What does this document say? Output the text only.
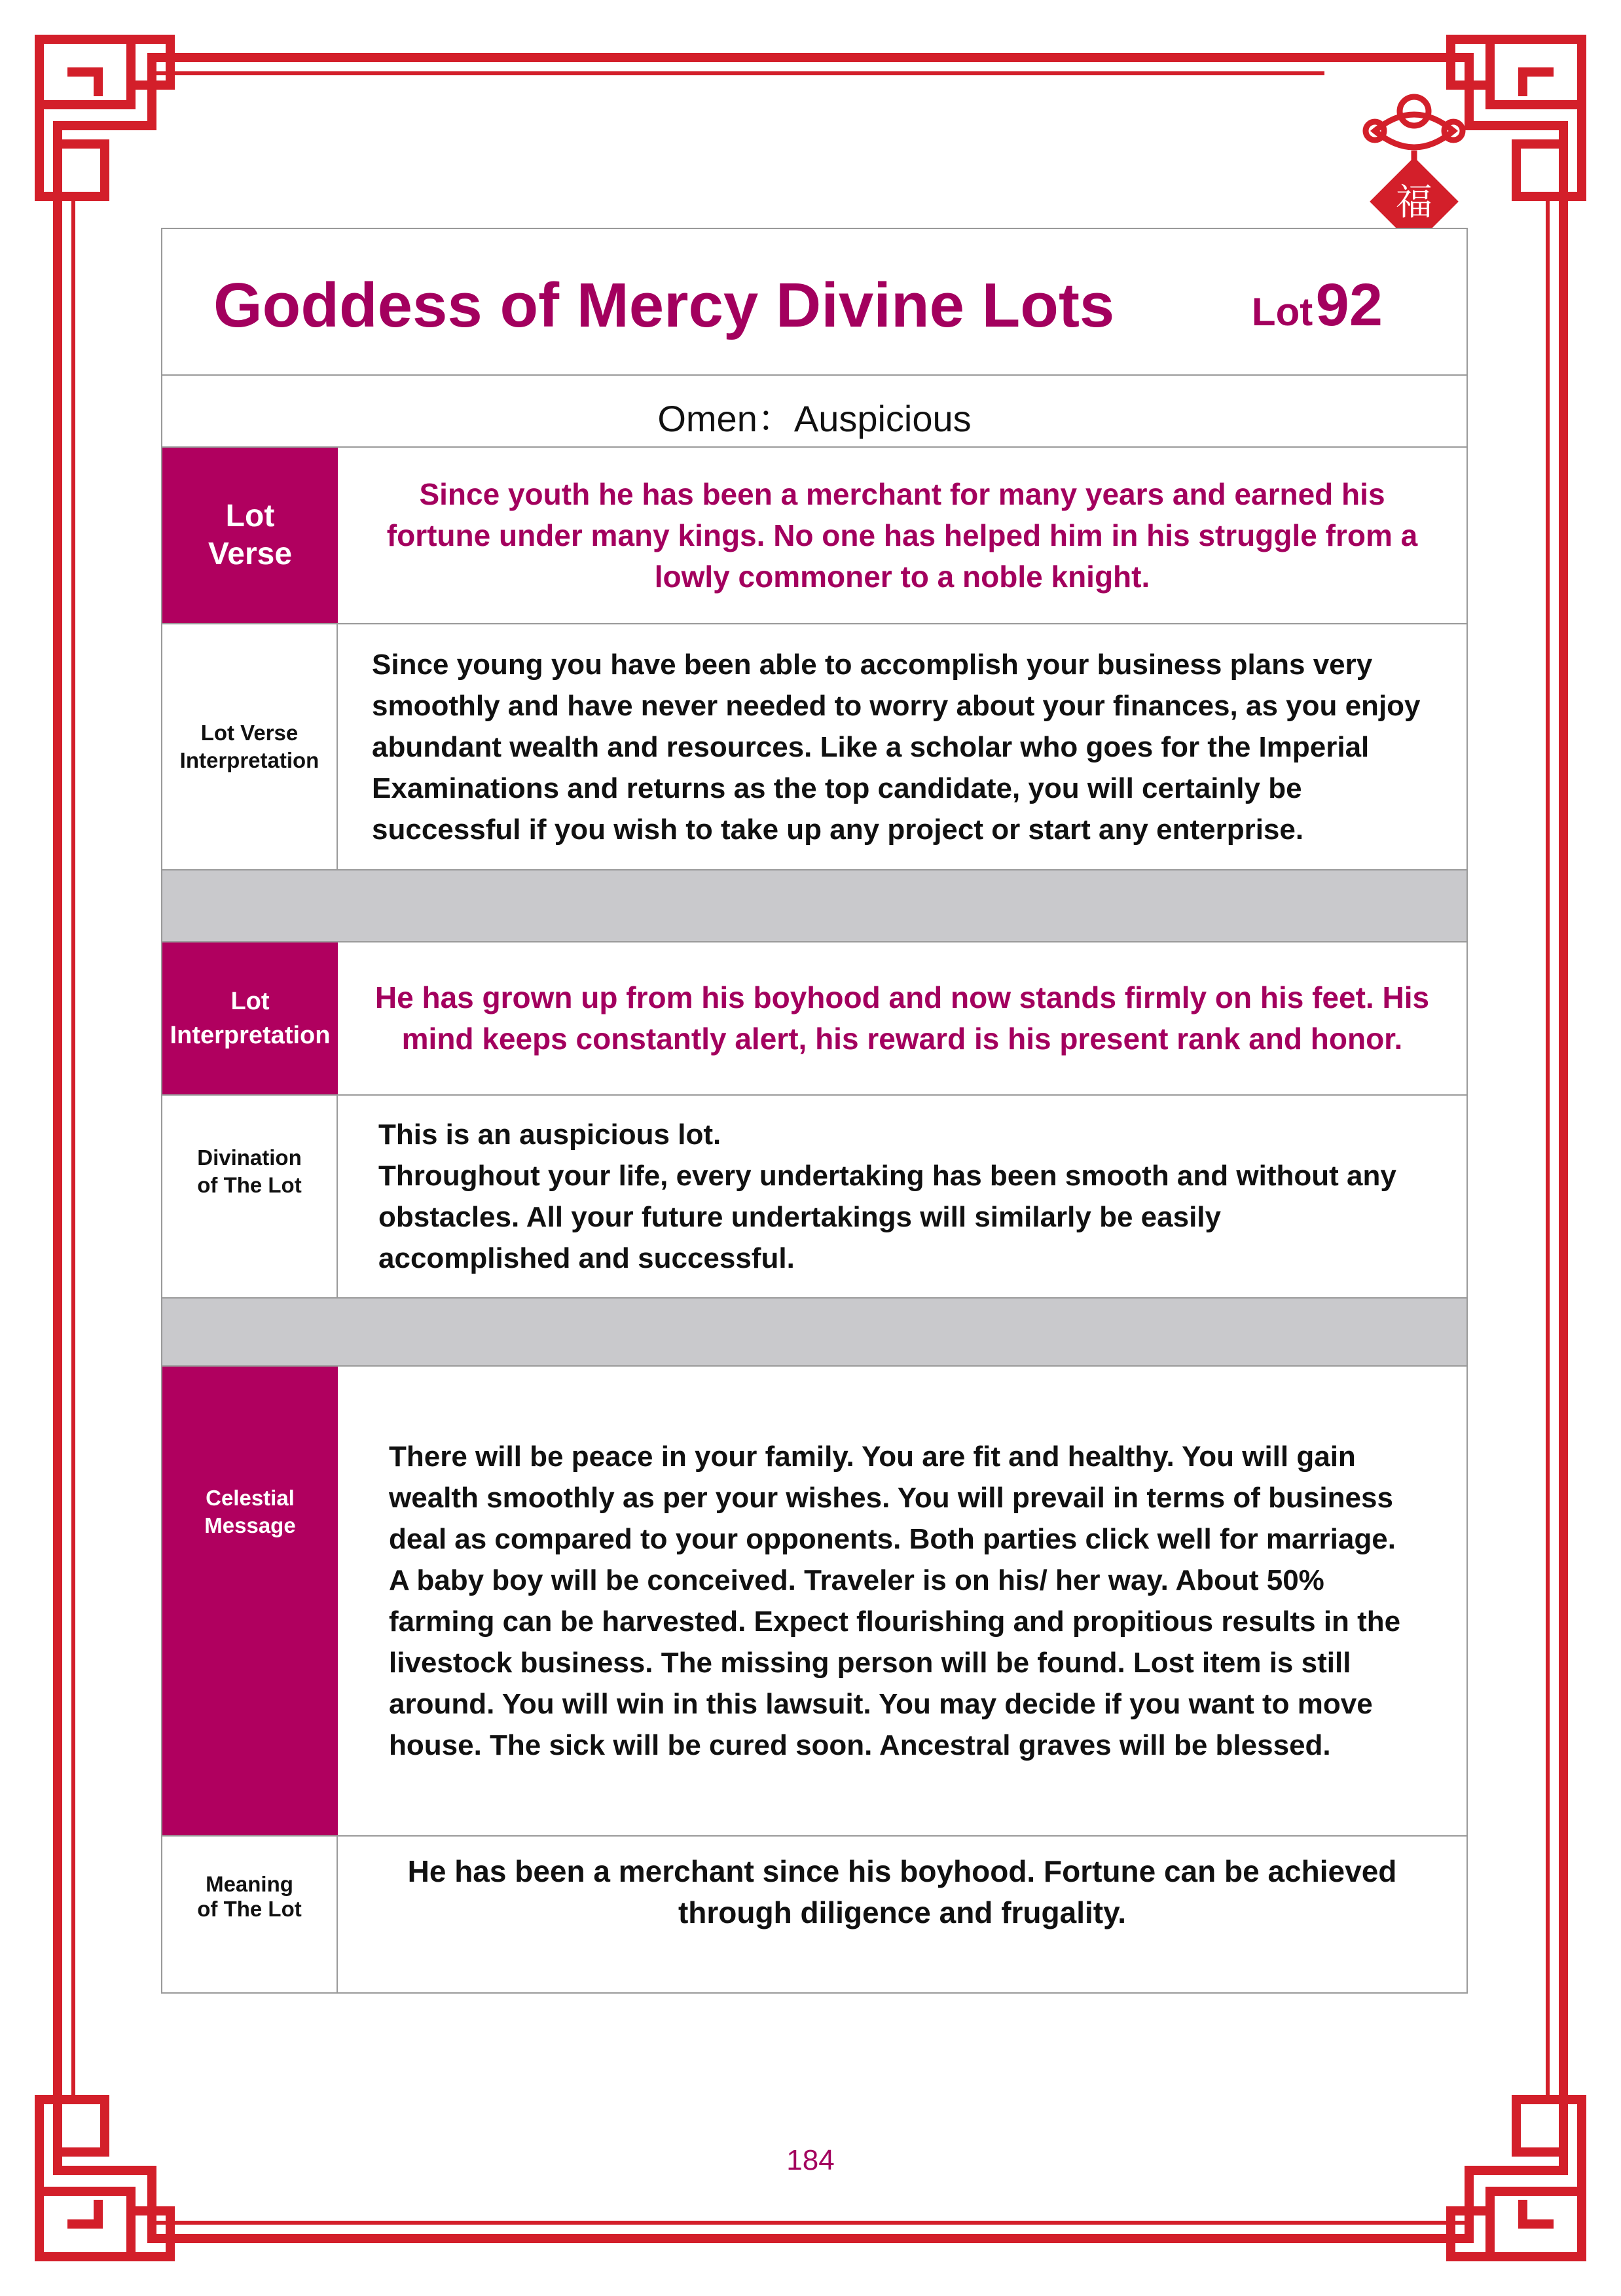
福
Goddess of Mercy Divine Lots	Lot 92
Omen：Auspicious
Lot
Verse
Since youth he has been a merchant for many years and earned his fortune under many kings. No one has helped him in his struggle from a lowly commoner to a noble knight.
Lot Verse
Interpretation
Since young you have been able to accomplish your business plans very smoothly and have never needed to worry about your finances, as you enjoy abundant wealth and resources. Like a scholar who goes for the Imperial Examinations and returns as the top candidate, you will certainly be successful if you wish to take up any project or start any enterprise.
Lot
Interpretation
He has grown up from his boyhood and now stands firmly on his feet. His mind keeps constantly alert, his reward is his present rank and honor.
Divination
of The Lot
This is an auspicious lot.
Throughout your life, every undertaking has been smooth and without any obstacles. All your future undertakings will similarly be easily accomplished and successful.
Celestial
Message
There will be peace in your family. You are fit and healthy. You will gain wealth smoothly as per your wishes. You will prevail in terms of business deal as compared to your opponents. Both parties click well for marriage. A baby boy will be conceived. Traveler is on his/ her way. About 50% farming can be harvested. Expect flourishing and propitious results in the livestock business. The missing person will be found. Lost item is still around. You will win in this lawsuit. You may decide if you want to move house. The sick will be cured soon. Ancestral graves will be blessed.
Meaning
of The Lot
He has been a merchant since his boyhood. Fortune can be achieved through diligence and frugality.
184
